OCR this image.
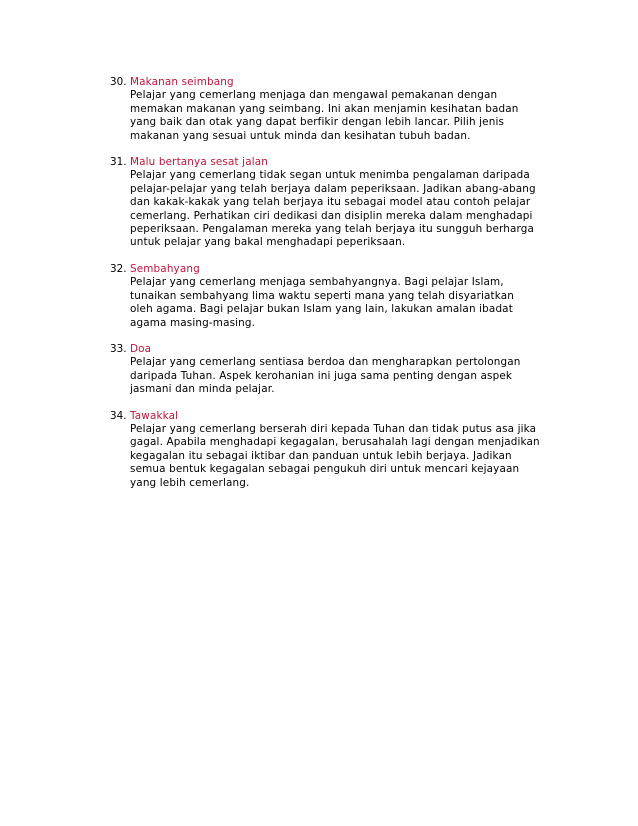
30. Makanan seimbang

Pelajar yang cemerlang menjaga dan mengawal pemakanan dengan memakan makanan yang seimbang. Ini akan menjamin kesihatan badan yang baik dan otak yang dapat berfikir dengan lebih lancar. Pilih jenis makanan yang sesuai untuk minda dan kesihatan tubuh badan.

31. Malu bertanya sesat jalan

Pelajar yang cemerlang tidak segan untuk menimba pengalaman daripada pelajar-pelajar yang telah berjaya dalam peperiksaan. Jadikan abang-abang dan kakak-kakak yang telah berjaya itu sebagai model atau contoh pelajar cemerlang. Perhatikan ciri dedikasi dan disiplin mereka dalam menghadapi peperiksaan. Pengalaman mereka yang telah berjaya itu sungguh berharga untuk pelajar yang bakal menghadapi peperiksaan.

32. Sembahyang

Pelajar yang cemerlang menjaga sembahyangnya. Bagi pelajar Islam, tunaikan sembahyang lima waktu seperti mana yang telah disyariatkan oleh agama. Bagi pelajar bukan Islam yang lain, lakukan amalan ibadat agama masing-masing.

33. Doa

Pelajar yang cemerlang sentiasa berdoa dan mengharapkan pertolongan daripada Tuhan. Aspek kerohanian ini juga sama penting dengan aspek jasmani dan minda pelajar.

34. Tawakkal

Pelajar yang cemerlang berserah diri kepada Tuhan dan tidak putus asa jika gagal. Apabila menghadapi kegagalan, berusahalah lagi dengan menjadikan kegagalan itu sebagai iktibar dan panduan untuk lebih berjaya. Jadikan semua bentuk kegagalan sebagai pengukuh diri untuk mencari kejayaan yang lebih cemerlang.
